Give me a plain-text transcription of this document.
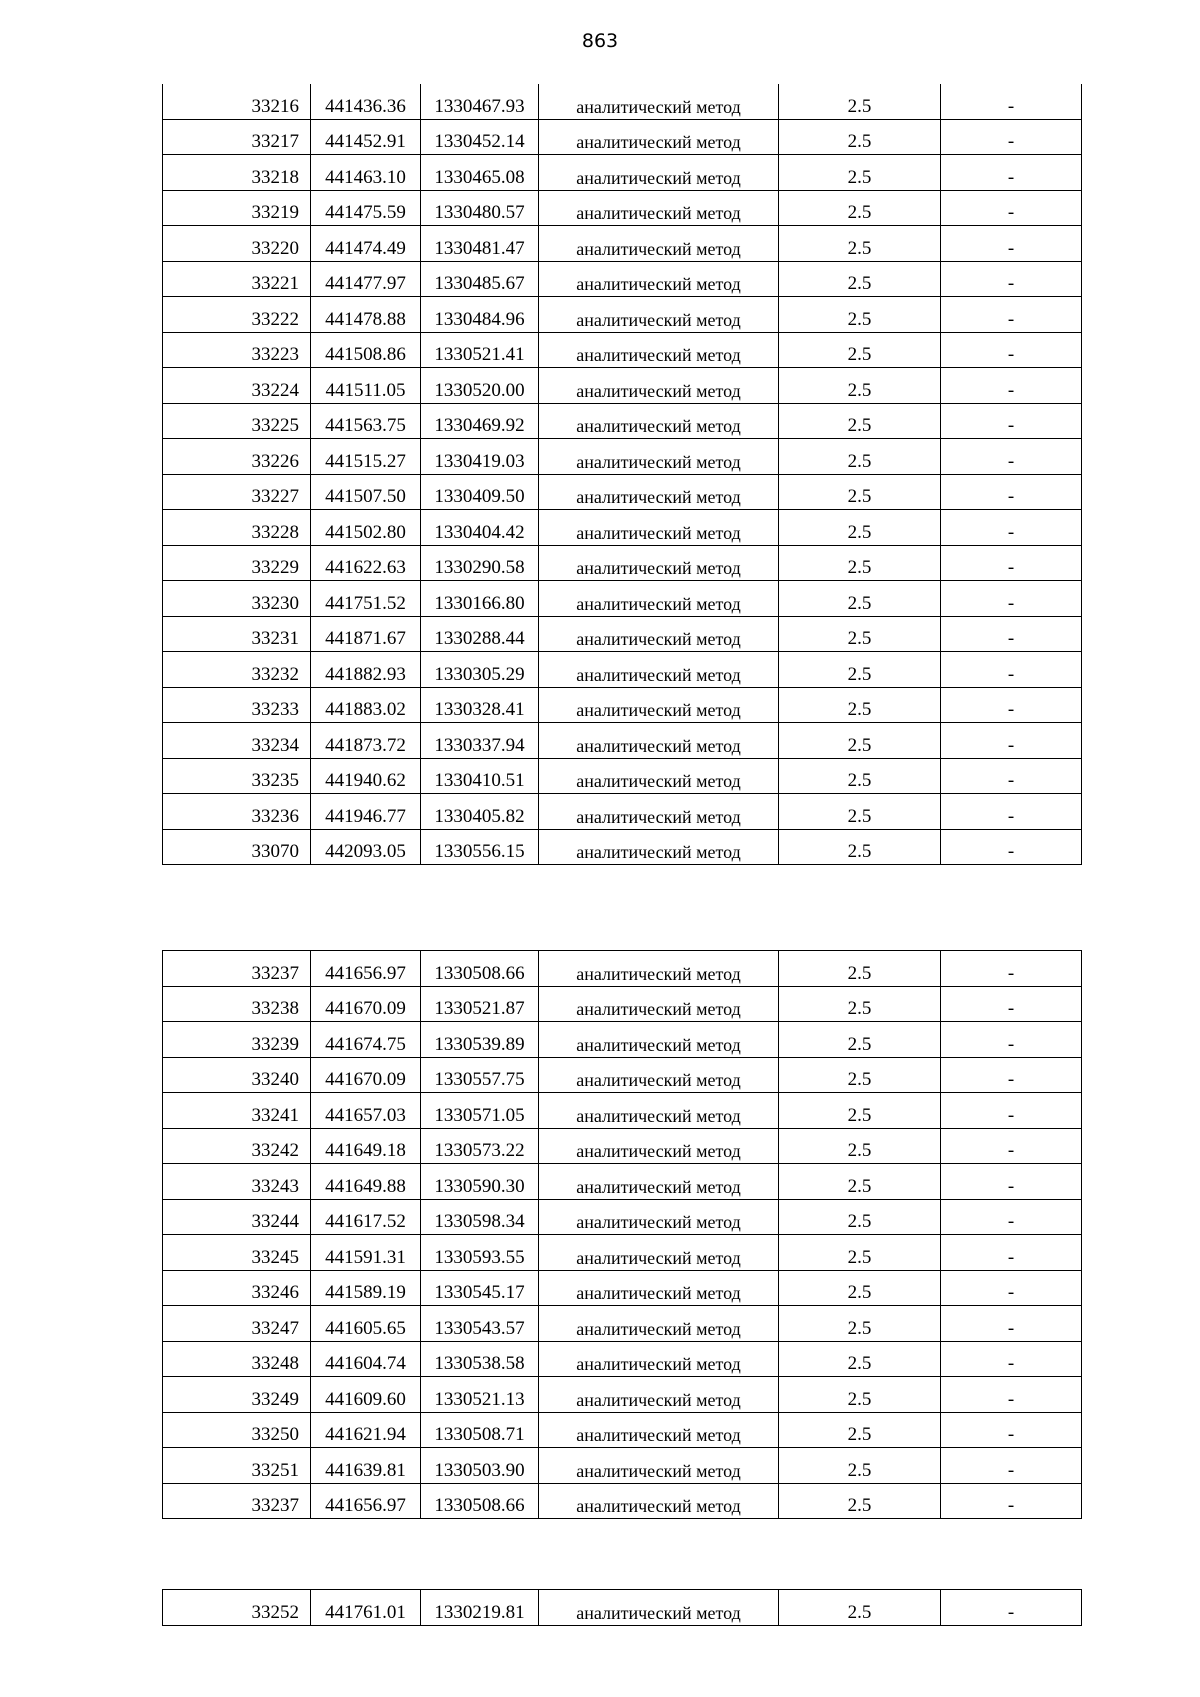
863
33216	441436.36	1330467.93	аналитический метод	2.5	-

33217	441452.91	1330452.14	аналитический метод	2.5	-

33218	441463.10	1330465.08	аналитический метод	2.5	-

33219	441475.59	1330480.57	аналитический метод	2.5	-

33220	441474.49	1330481.47	аналитический метод	2.5	-

33221	441477.97	1330485.67	аналитический метод	2.5	-

33222	441478.88	1330484.96	аналитический метод	2.5	-

33223	441508.86	1330521.41	аналитический метод	2.5	-

33224	441511.05	1330520.00	аналитический метод	2.5	-

33225	441563.75	1330469.92	аналитический метод	2.5	-

33226	441515.27	1330419.03	аналитический метод	2.5	-

33227	441507.50	1330409.50	аналитический метод	2.5	-

33228	441502.80	1330404.42	аналитический метод	2.5	-

33229	441622.63	1330290.58	аналитический метод	2.5	-

33230	441751.52	1330166.80	аналитический метод	2.5	-

33231	441871.67	1330288.44	аналитический метод	2.5	-

33232	441882.93	1330305.29	аналитический метод	2.5	-

33233	441883.02	1330328.41	аналитический метод	2.5	-

33234	441873.72	1330337.94	аналитический метод	2.5	-

33235	441940.62	1330410.51	аналитический метод	2.5	-

33236	441946.77	1330405.82	аналитический метод	2.5	-

33070	442093.05	1330556.15	аналитический метод	2.5	-
33237	441656.97	1330508.66	аналитический метод	2.5	-

33238	441670.09	1330521.87	аналитический метод	2.5	-

33239	441674.75	1330539.89	аналитический метод	2.5	-

33240	441670.09	1330557.75	аналитический метод	2.5	-

33241	441657.03	1330571.05	аналитический метод	2.5	-

33242	441649.18	1330573.22	аналитический метод	2.5	-

33243	441649.88	1330590.30	аналитический метод	2.5	-

33244	441617.52	1330598.34	аналитический метод	2.5	-

33245	441591.31	1330593.55	аналитический метод	2.5	-

33246	441589.19	1330545.17	аналитический метод	2.5	-

33247	441605.65	1330543.57	аналитический метод	2.5	-

33248	441604.74	1330538.58	аналитический метод	2.5	-

33249	441609.60	1330521.13	аналитический метод	2.5	-

33250	441621.94	1330508.71	аналитический метод	2.5	-

33251	441639.81	1330503.90	аналитический метод	2.5	-

33237	441656.97	1330508.66	аналитический метод	2.5	-
33252	441761.01	1330219.81	аналитический метод	2.5	-
